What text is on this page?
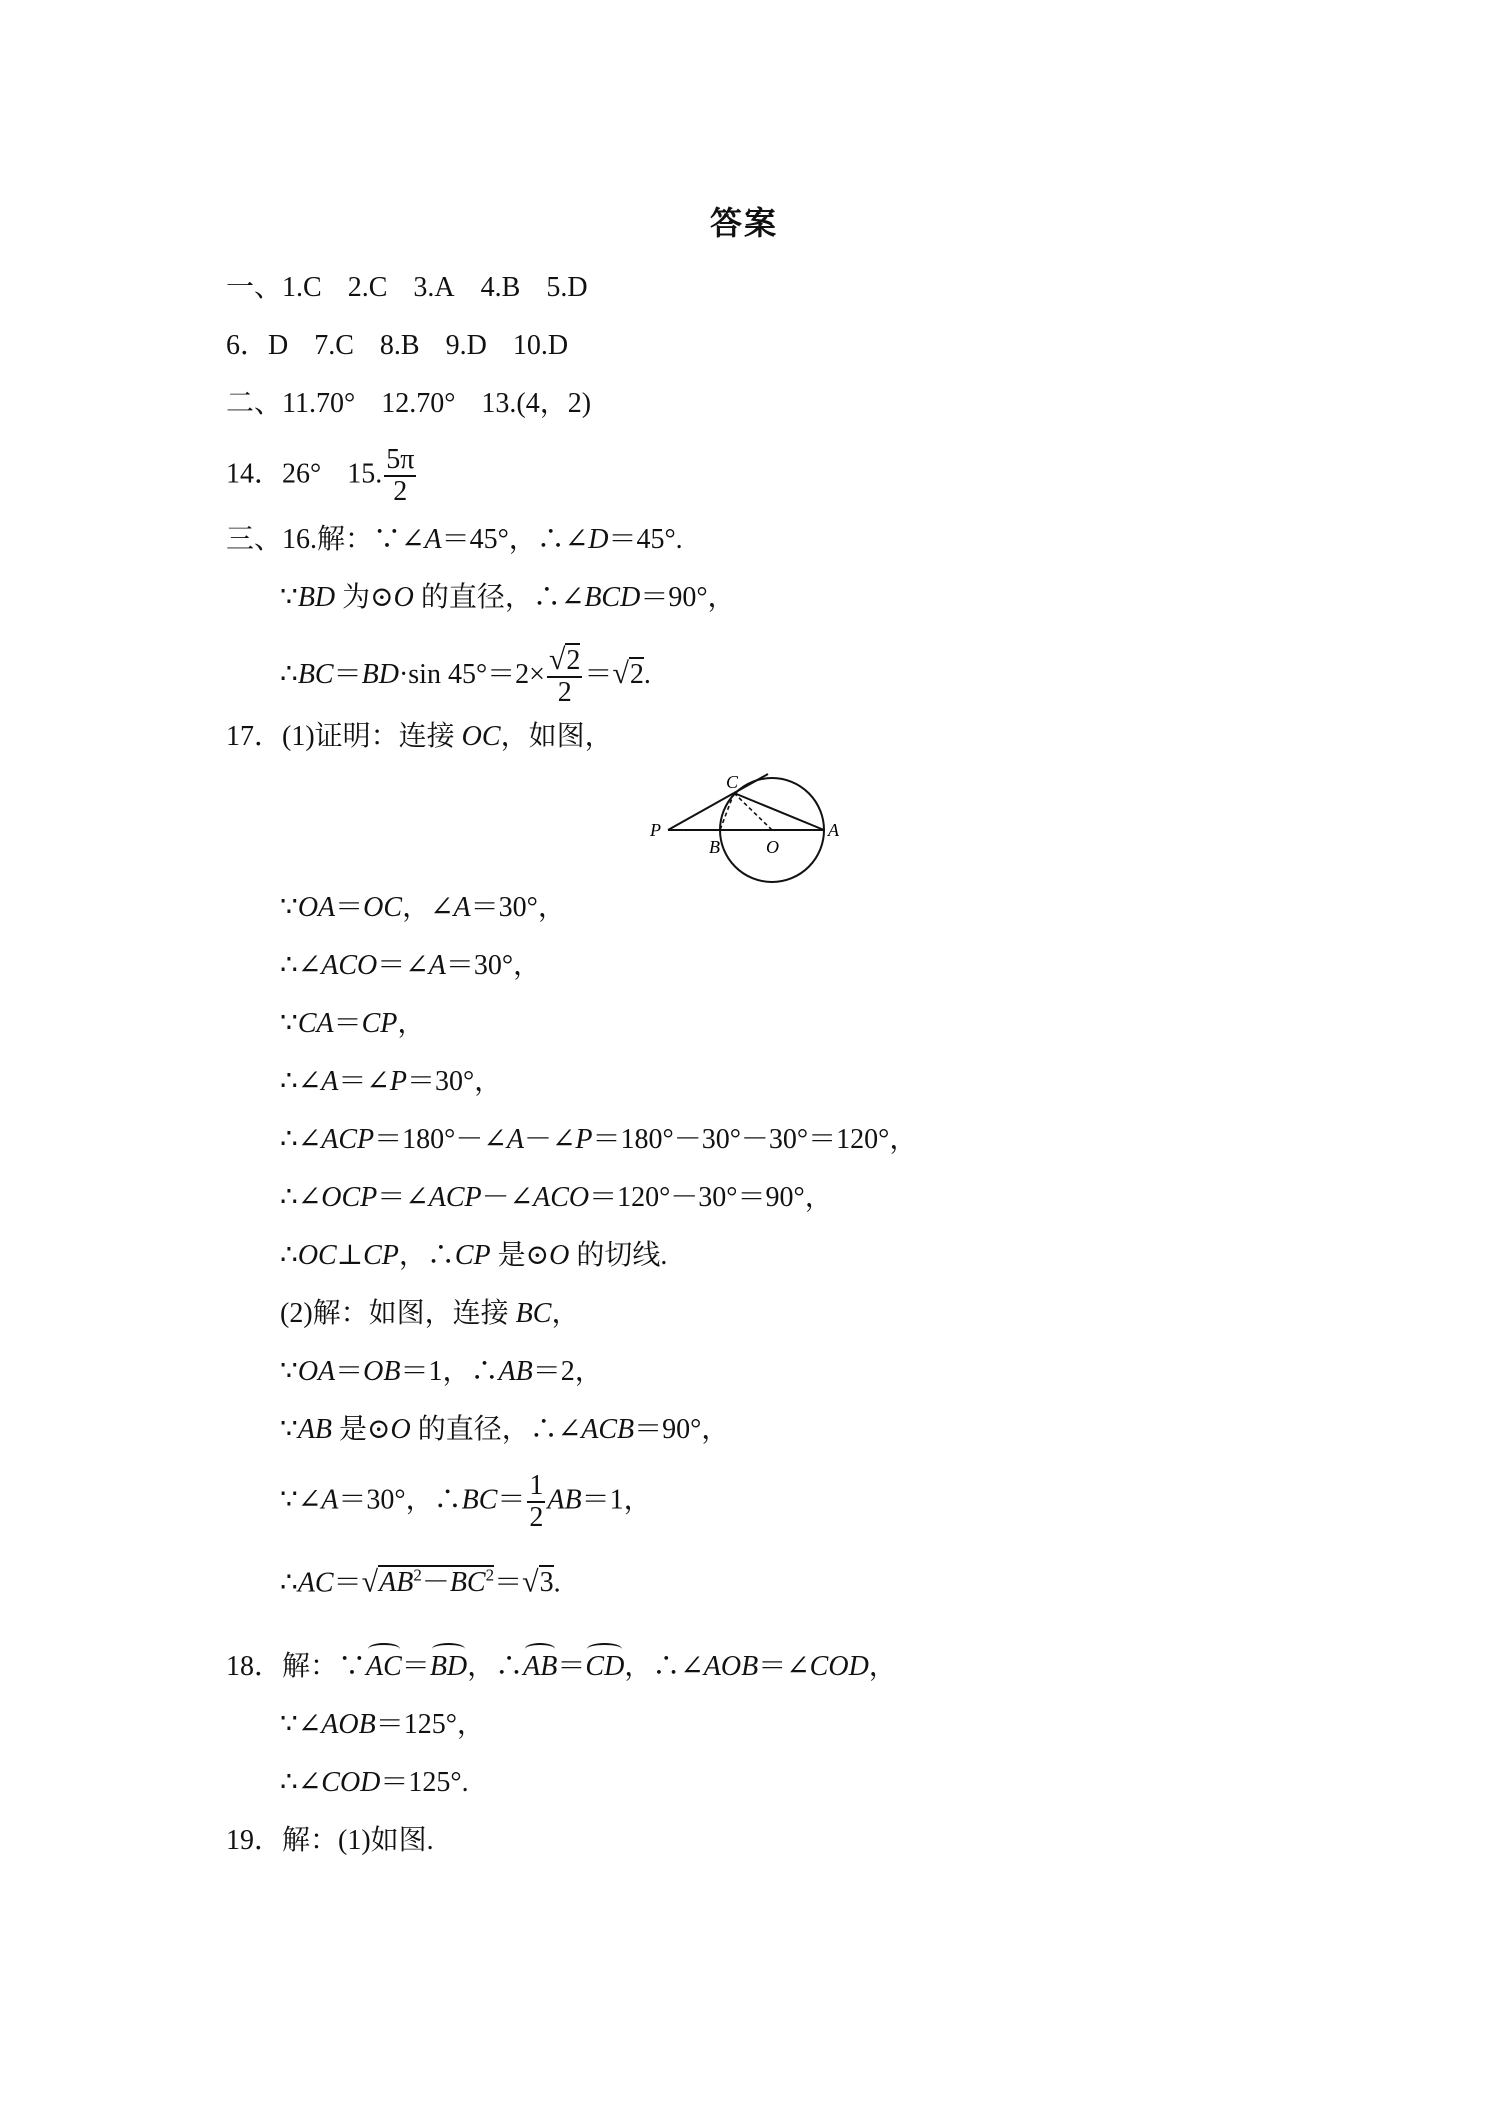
答案
一、1.C 2.C 3.A 4.B 5.D
6．D 7.C 8.B 9.D 10.D
二、11.70° 12.70° 13.(4，2)
14．26° 15. $\frac{5\pi}{2}$
三、16.解：∵∠A＝45°，∴∠D＝45°.
∵BD 为⊙O 的直径，∴∠BCD＝90°，
∴BC＝BD·sin $45^\circ=2\times \frac{√2}{2} =√2$.
17．(1)证明：连接 OC，如图，
C
P
B	O
A
∵OA＝OC，∠A＝30°，
∴∠ACO＝∠A＝30°，
∵CA＝CP，
∴∠A＝∠P＝30°，
∴∠ACP＝180°－∠A－∠P＝180°－30°－30°＝120°，
∴∠OCP＝∠ACP－∠ACO＝120°－30°＝90°，
∴OC⊥CP，∴CP 是⊙O 的切线.
(2)解：如图，连接 BC，
∵OA＝OB＝1，∴AB＝2，
∵AB 是⊙O 的直径，∴∠ACB＝90°，
∵∠A＝30°，∴BC＝ $\frac{1}{2} AB=1$，
$\therefore AC=√AB^2-BC^2=√3$.
18．解：∵AC＝BD，∴AB＝CD，∴∠AOB＝∠COD，
∵∠AOB＝125°，
∴∠COD＝125°.
19．解：(1)如图.
